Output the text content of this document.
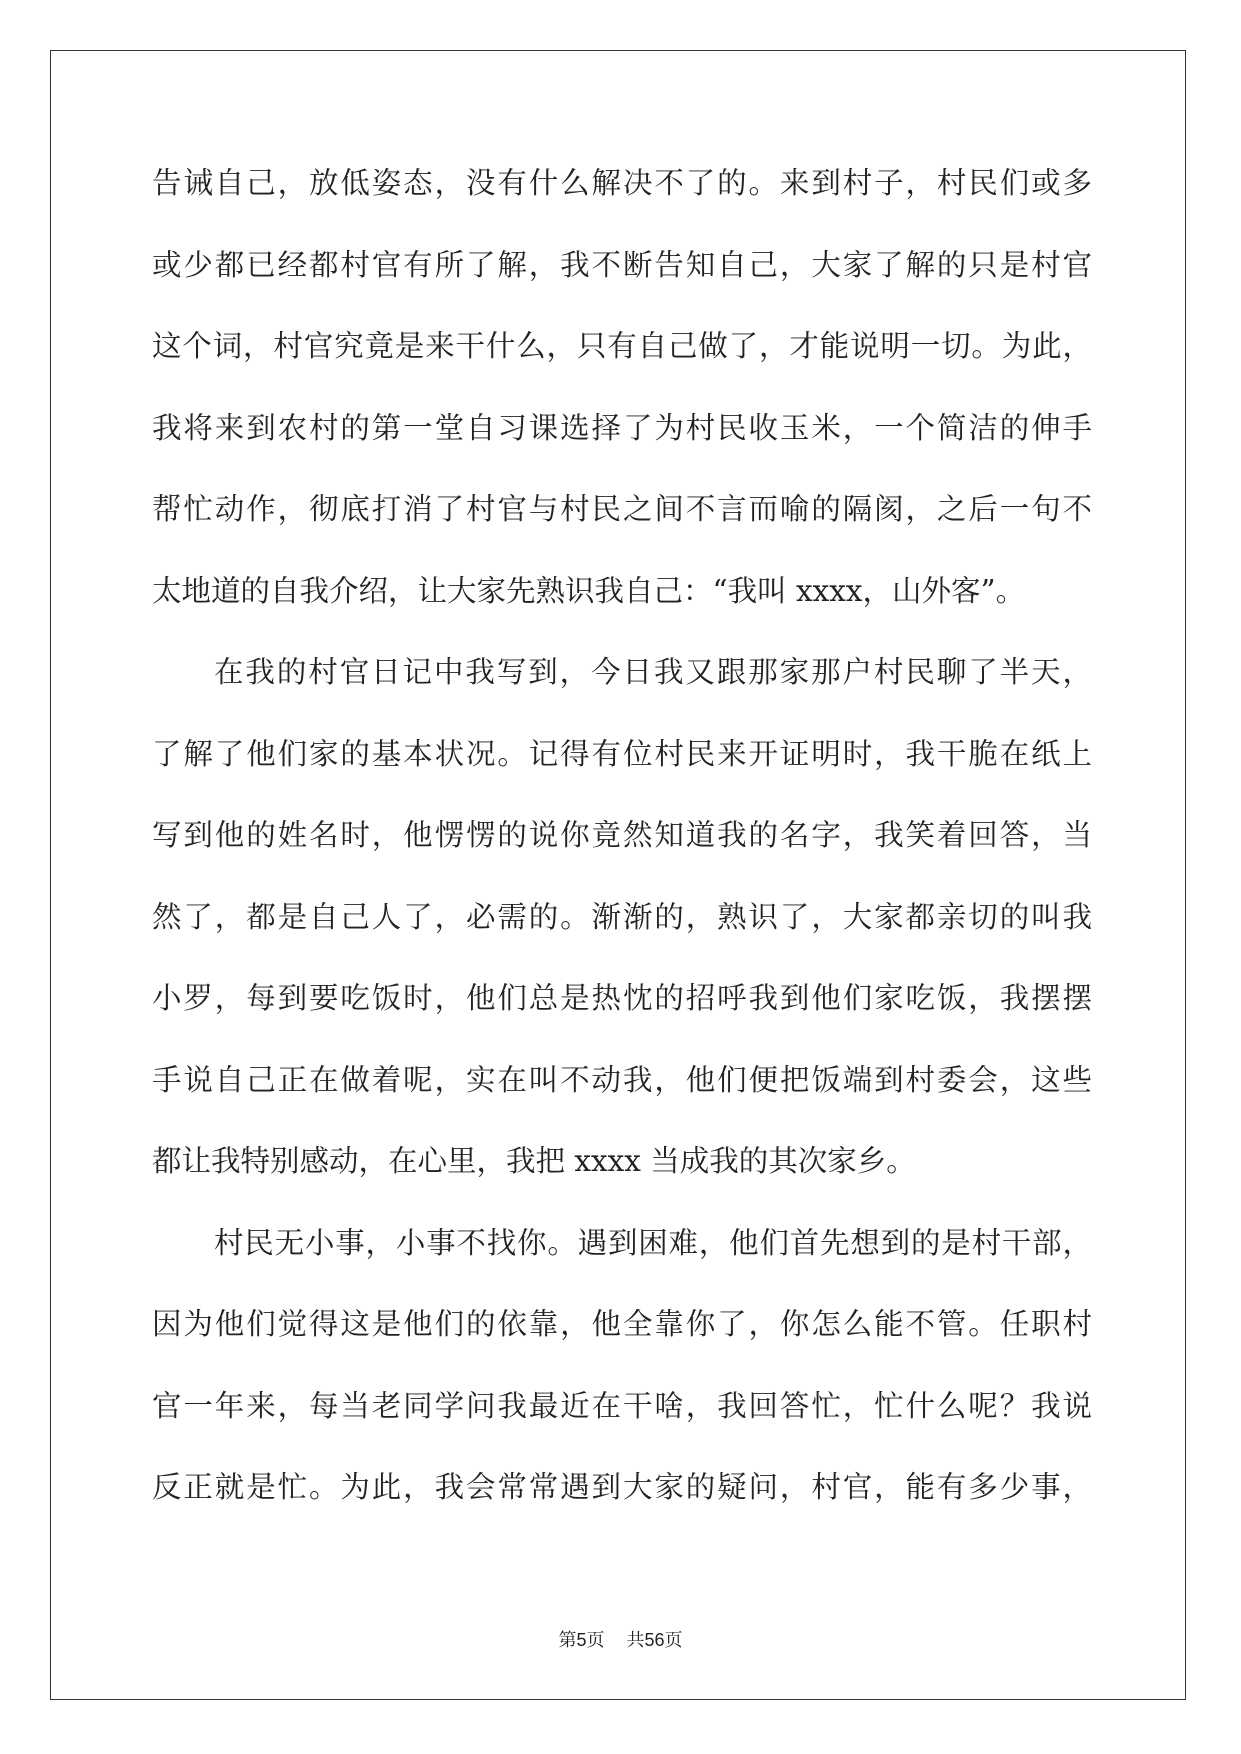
告诫自己，放低姿态，没有什么解决不了的。来到村子，村民们或多
或少都已经都村官有所了解，我不断告知自己，大家了解的只是村官
这个词，村官究竟是来干什么，只有自己做了，才能说明一切。为此，
我将来到农村的第一堂自习课选择了为村民收玉米，一个简洁的伸手
帮忙动作，彻底打消了村官与村民之间不言而喻的隔阂，之后一句不
太地道的自我介绍，让大家先熟识我自己：“我叫 xxxx，山外客”。
在我的村官日记中我写到，今日我又跟那家那户村民聊了半天，
了解了他们家的基本状况。记得有位村民来开证明时，我干脆在纸上
写到他的姓名时，他愣愣的说你竟然知道我的名字，我笑着回答，当
然了，都是自己人了，必需的。渐渐的，熟识了，大家都亲切的叫我
小罗，每到要吃饭时，他们总是热忱的招呼我到他们家吃饭，我摆摆
手说自己正在做着呢，实在叫不动我，他们便把饭端到村委会，这些
都让我特别感动，在心里，我把 xxxx 当成我的其次家乡。
村民无小事，小事不找你。遇到困难，他们首先想到的是村干部，
因为他们觉得这是他们的依靠，他全靠你了，你怎么能不管。任职村
官一年来，每当老同学问我最近在干啥，我回答忙，忙什么呢？我说
反正就是忙。为此，我会常常遇到大家的疑问，村官，能有多少事，
第5页 共56页
